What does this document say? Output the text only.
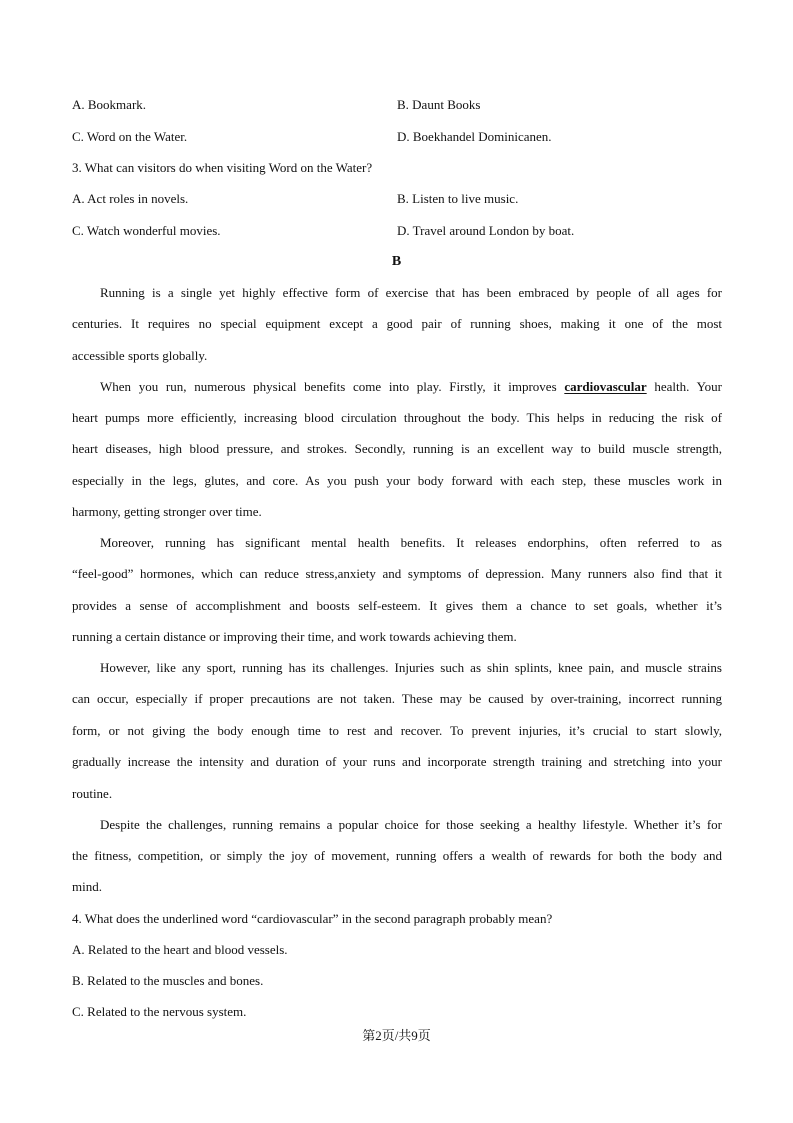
A. Bookmark.	B. Daunt Books
C. Word on the Water.	D. Boekhandel Dominicanen.
3. What can visitors do when visiting Word on the Water?
A. Act roles in novels.	B. Listen to live music.
C. Watch wonderful movies.	D. Travel around London by boat.
B
Running is a single yet highly effective form of exercise that has been embraced by people of all ages for
centuries. It requires no special equipment except a good pair of running shoes, making it one of the most
accessible sports globally.
When you run, numerous physical benefits come into play. Firstly, it improves cardiovascular health. Your
heart pumps more efficiently, increasing blood circulation throughout the body. This helps in reducing the risk of
heart diseases, high blood pressure, and strokes. Secondly, running is an excellent way to build muscle strength,
especially in the legs, glutes, and core. As you push your body forward with each step, these muscles work in
harmony, getting stronger over time.
Moreover, running has significant mental health benefits. It releases endorphins, often referred to as
“feel-good” hormones, which can reduce stress,anxiety and symptoms of depression. Many runners also find that it
provides a sense of accomplishment and boosts self-esteem. It gives them a chance to set goals, whether it’s
running a certain distance or improving their time, and work towards achieving them.
However, like any sport, running has its challenges. Injuries such as shin splints, knee pain, and muscle strains
can occur, especially if proper precautions are not taken. These may be caused by over-training, incorrect running
form, or not giving the body enough time to rest and recover. To prevent injuries, it’s crucial to start slowly,
gradually increase the intensity and duration of your runs and incorporate strength training and stretching into your
routine.
Despite the challenges, running remains a popular choice for those seeking a healthy lifestyle. Whether it’s for
the fitness, competition, or simply the joy of movement, running offers a wealth of rewards for both the body and
mind.
4. What does the underlined word “cardiovascular” in the second paragraph probably mean?
A. Related to the heart and blood vessels.
B. Related to the muscles and bones.
C. Related to the nervous system.
第2页/共9页
